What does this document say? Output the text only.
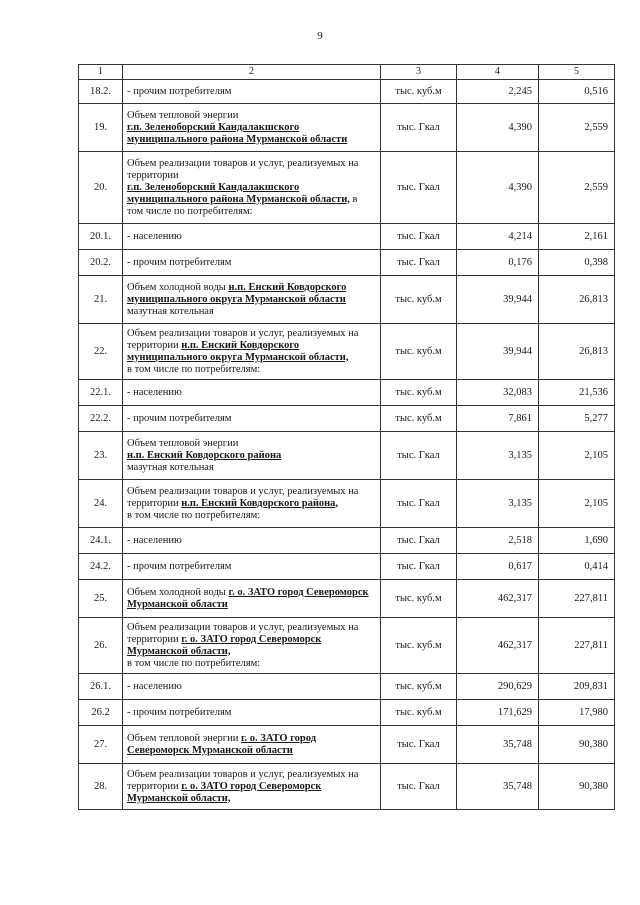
9
1	2	3	4	5
18.2.	- прочим потребителям	тыс. куб.м	2,245	0,516
19.	Объем тепловой энергии
г.п. Зеленоборский Кандалакшского муниципального района Мурманской области	тыс. Гкал	4,390	2,559
20.	Объем реализации товаров и услуг, реализуемых на территории
г.п. Зеленоборский Кандалакшского муниципального района Мурманской области, в том числе по потребителям:	тыс. Гкал	4,390	2,559
20.1.	- населению	тыс. Гкал	4,214	2,161
20.2.	- прочим потребителям	тыс. Гкал	0,176	0,398
21.	Объем холодной воды н.п. Енский Ковдорского муниципального округа Мурманской области
мазутная котельная	тыс. куб.м	39,944	26,813
22.	Объем реализации товаров и услуг, реализуемых на территории н.п. Енский Ковдорского муниципального округа Мурманской области,
в том числе по потребителям:	тыс. куб.м	39,944	26,813
22.1.	- населению	тыс. куб.м	32,083	21,536
22.2.	- прочим потребителям	тыс. куб.м	7,861	5,277
23.	Объем тепловой энергии
н.п. Енский Ковдорского района
мазутная котельная	тыс. Гкал	3,135	2,105
24.	Объем реализации товаров и услуг, реализуемых на территории н.п. Енский Ковдорского района,
в том числе по потребителям:	тыс. Гкал	3,135	2,105
24.1.	- населению	тыс. Гкал	2,518	1,690
24.2.	- прочим потребителям	тыс. Гкал	0,617	0,414
25.	Объем холодной воды г. о. ЗАТО город Североморск Мурманской области	тыс. куб.м	462,317	227,811
26.	Объем реализации товаров и услуг, реализуемых на территории г. о. ЗАТО город Североморск Мурманской области,
в том числе по потребителям:	тыс. куб.м	462,317	227,811
26.1.	- населению	тыс. куб.м	290,629	209,831
26.2	- прочим потребителям	тыс. куб.м	171,629	17,980
27.	Объем тепловой энергии г. о. ЗАТО город Североморск Мурманской области	тыс. Гкал	35,748	90,380
28.	Объем реализации товаров и услуг, реализуемых на территории г. о. ЗАТО город Североморск Мурманской области,	тыс. Гкал	35,748	90,380
